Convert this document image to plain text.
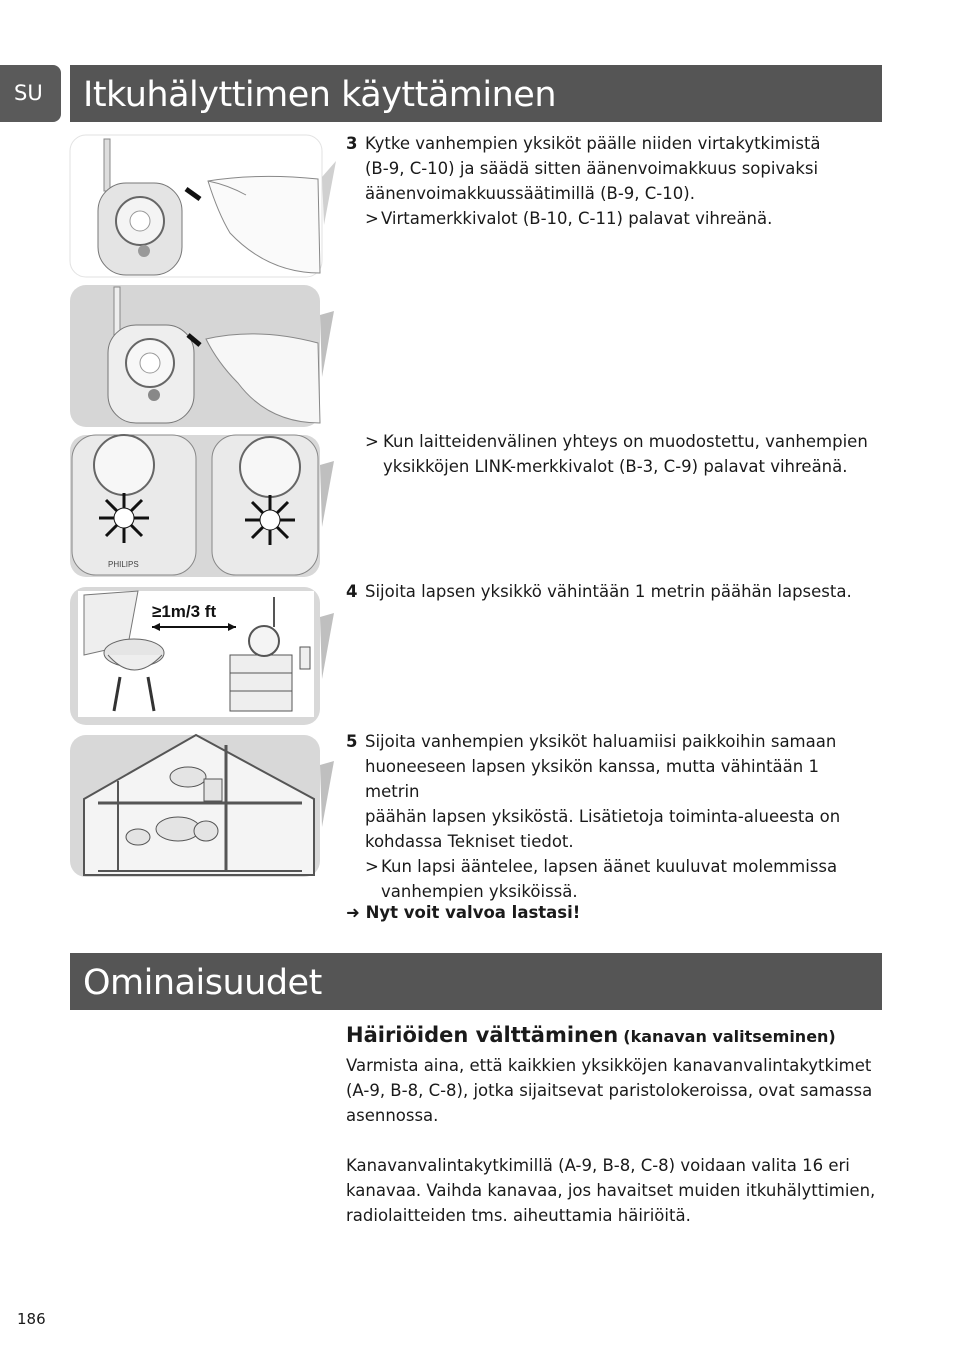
SU	Itkuhälyttimen käyttäminen
PHILIPS
≥1m/3 ft
3 Kytke vanhempien yksiköt päälle niiden virtakytkimistä
(B-9, C-10) ja säädä sitten äänenvoimakkuus sopivaksi
äänenvoimakkuussäätimillä (B-9, C-10).
> Virtamerkkivalot (B-10, C-11) palavat vihreänä.
> Kun laitteidenvälinen yhteys on muodostettu, vanhempien
yksikköjen LINK-merkkivalot (B-3, C-9) palavat vihreänä.
4 Sijoita lapsen yksikkö vähintään 1 metrin päähän lapsesta.
5 Sijoita vanhempien yksiköt haluamiisi paikkoihin samaan
huoneeseen lapsen yksikön kanssa, mutta vähintään 1 metrin
päähän lapsen yksiköstä. Lisätietoja toiminta-alueesta on
kohdassa Tekniset tiedot.
> Kun lapsi ääntelee, lapsen äänet kuuluvat molemmissa
vanhempien yksiköissä.
➜ Nyt voit valvoa lastasi!
Ominaisuudet
Häiriöiden välttäminen (kanavan valitseminen)
Varmista aina, että kaikkien yksikköjen kanavanvalintakytkimet
(A-9, B-8, C-8), jotka sijaitsevat paristolokeroissa, ovat samassa
asennossa.
Kanavanvalintakytkimillä (A-9, B-8, C-8) voidaan valita 16 eri
kanavaa. Vaihda kanavaa, jos havaitset muiden itkuhälyttimien,
radiolaitteiden tms. aiheuttamia häiriöitä.
186
